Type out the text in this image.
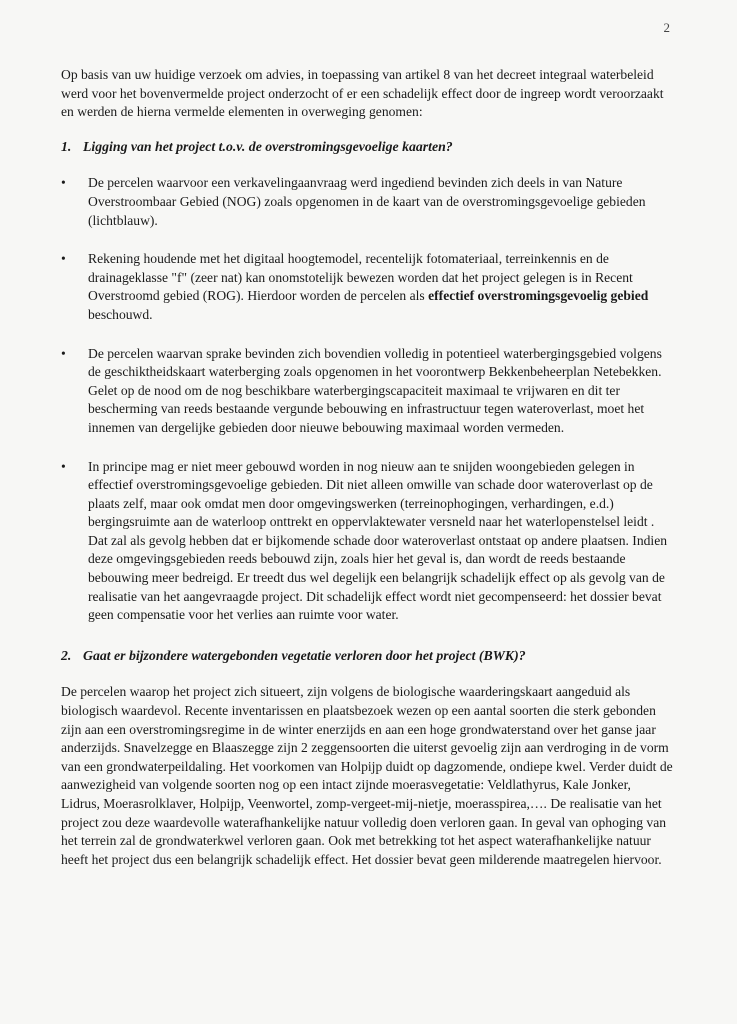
2

Op basis van uw huidige verzoek om advies, in toepassing van artikel 8 van het decreet integraal waterbeleid werd voor het bovenvermelde project onderzocht of er een schadelijk effect door de ingreep wordt veroorzaakt en werden de hierna vermelde elementen in overweging genomen:

1. Ligging van het project t.o.v. de overstromingsgevoelige kaarten?
• De percelen waarvoor een verkavelingaanvraag werd ingediend bevinden zich deels in van Nature Overstroombaar Gebied (NOG) zoals opgenomen in de kaart van de overstromingsgevoelige gebieden (lichtblauw).
• Rekening houdende met het digitaal hoogtemodel, recentelijk fotomateriaal, terreinkennis en de drainageklasse "f" (zeer nat) kan onomstotelijk bewezen worden dat het project gelegen is in Recent Overstroomd gebied (ROG). Hierdoor worden de percelen als effectief overstromingsgevoelig gebied beschouwd.
• De percelen waarvan sprake bevinden zich bovendien volledig in potentieel waterbergingsgebied volgens de geschiktheidskaart waterberging zoals opgenomen in het voorontwerp Bekkenbeheerplan Netebekken. Gelet op de nood om de nog beschikbare waterbergingscapaciteit maximaal te vrijwaren en dit ter bescherming van reeds bestaande vergunde bebouwing en infrastructuur tegen wateroverlast, moet het innemen van dergelijke gebieden door nieuwe bebouwing maximaal worden vermeden.
• In principe mag er niet meer gebouwd worden in nog nieuw aan te snijden woongebieden gelegen in effectief overstromingsgevoelige gebieden. Dit niet alleen omwille van schade door wateroverlast op de plaats zelf, maar ook omdat men door omgevingswerken (terreinophogingen, verhardingen, e.d.) bergingsruimte aan de waterloop onttrekt en oppervlaktewater versneld naar het waterlopenstelsel leidt . Dat zal als gevolg hebben dat er bijkomende schade door wateroverlast ontstaat op andere plaatsen. Indien deze omgevingsgebieden reeds bebouwd zijn, zoals hier het geval is, dan wordt de reeds bestaande bebouwing meer bedreigd. Er treedt dus wel degelijk een belangrijk schadelijk effect op als gevolg van de realisatie van het aangevraagde project. Dit schadelijk effect wordt niet gecompenseerd: het dossier bevat geen compensatie voor het verlies aan ruimte voor water.
2. Gaat er bijzondere watergebonden vegetatie verloren door het project (BWK)?

De percelen waarop het project zich situeert, zijn volgens de biologische waarderingskaart aangeduid als biologisch waardevol. Recente inventarissen en plaatsbezoek wezen op een aantal soorten die sterk gebonden zijn aan een overstromingsregime in de winter enerzijds en aan een hoge grondwaterstand over het ganse jaar anderzijds. Snavelzegge en Blaaszegge zijn 2 zeggensoorten die uiterst gevoelig zijn aan verdroging in de vorm van een grondwaterpeildaling. Het voorkomen van Holpijp duidt op dagzomende, ondiepe kwel. Verder duidt de aanwezigheid van volgende soorten nog op een intact zijnde moerasvegetatie: Veldlathyrus, Kale Jonker, Lidrus, Moerasrolklaver, Holpijp, Veenwortel, zomp-vergeet-mij-nietje, moerasspirea,…. De realisatie van het project zou deze waardevolle waterafhankelijke natuur volledig doen verloren gaan. In geval van ophoging van het terrein zal de grondwaterkwel verloren gaan. Ook met betrekking tot het aspect waterafhankelijke natuur heeft het project dus een belangrijk schadelijk effect. Het dossier bevat geen milderende maatregelen hiervoor.
